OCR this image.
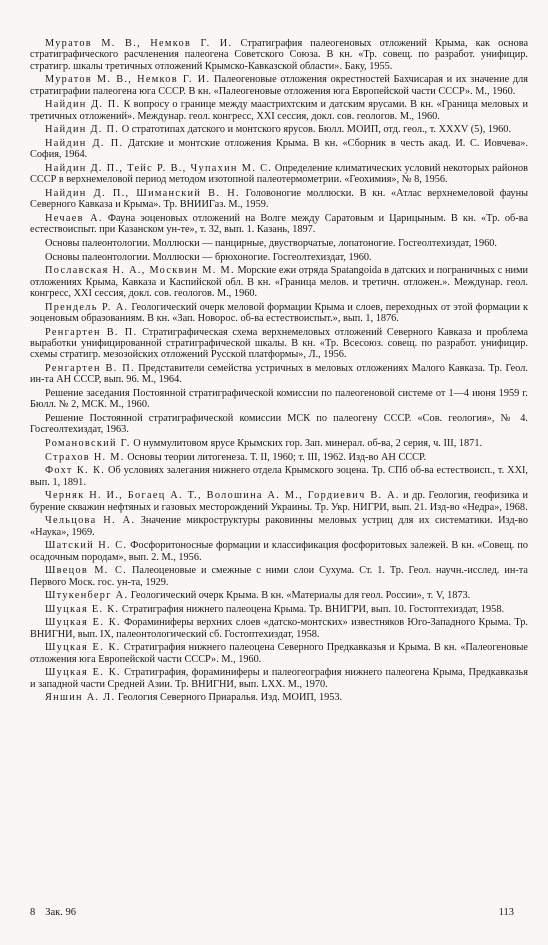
Муратов М. В., Немков Г. И. Стратиграфия палеогеновых отложений Крыма, как основа стратиграфического расчленения палеогена Советского Союза. В кн. «Тр. совещ. по разработ. унифицир. стратигр. шкалы третичных отложений Крымско-Кавказской области». Баку, 1955.

Муратов М. В., Немков Г. И. Палеогеновые отложения окрестностей Бахчисарая и их значение для стратиграфии палеогена юга СССР. В кн. «Палеогеновые отложения юга Европейской части СССР». М., 1960.

Найдин Д. П. К вопросу о границе между маастрихтским и датским ярусами. В кн. «Граница меловых и третичных отложений». Междунар. геол. конгресс, XXI сессия, докл. сов. геологов. М., 1960.

Найдин Д. П. О стратотипах датского и монтского ярусов. Бюлл. МОИП, отд. геол., т. XXXV (5), 1960.

Найдин Д. П. Датские и монтские отложения Крыма. В кн. «Сборник в честь акад. И. С. Иовчева». София, 1964.

Найдин Д. П., Тейс Р. В., Чупахин М. С. Определение климатических условий некоторых районов СССР в верхнемеловой период методом изотопной палеотермометрии. «Геохимия», № 8, 1956.

Найдин Д. П., Шиманский В. Н. Головоногие моллюски. В кн. «Атлас верхнемеловой фауны Северного Кавказа и Крыма». Тр. ВНИИГаз. М., 1959.

Нечаев А. Фауна эоценовых отложений на Волге между Саратовым и Царицыным. В кн. «Тр. об-ва естествоиспыт. при Казанском ун-те», т. 32, вып. 1. Казань, 1897.

Основы палеонтологии. Моллюски — панцирные, двустворчатые, лопатоногие. Госгеолтехиздат, 1960.

Основы палеонтологии. Моллюски — брюхоногие. Госгеолтехиздат, 1960.

Пославская Н. А., Москвин М. М. Морские ежи отряда Spatangoida в датских и пограничных с ними отложениях Крыма, Кавказа и Каспийской обл. В кн. «Граница мелов. и третичн. отложен.». Междунар. геол. конгресс, XXI сессия, докл. сов. геологов. М., 1960.

Прендель Р. А. Геологический очерк меловой формации Крыма и слоев, переходных от этой формации к эоценовым образованиям. В кн. «Зап. Новорос. об-ва естествоиспыт.», вып. 1, 1876.

Ренгартен В. П. Стратиграфическая схема верхнемеловых отложений Северного Кавказа и проблема выработки унифицированной стратиграфической шкалы. В кн. «Тр. Всесоюз. совещ. по разработ. унифицир. схемы стратигр. мезозойских отложений Русской платформы», Л., 1956.

Ренгартен В. П. Представители семейства устричных в меловых отложениях Малого Кавказа. Тр. Геол. ин-та АН СССР, вып. 96. М., 1964.

Решение заседания Постоянной стратиграфической комиссии по палеогеновой системе от 1—4 июня 1959 г. Бюлл. № 2, МСК. М., 1960.

Решение Постоянной стратиграфической комиссии МСК по палеогену СССР. «Сов. геология», № 4. Госгеолтехиздат, 1963.

Романовский Г. О нуммулитовом ярусе Крымских гор. Зап. минерал. об-ва, 2 серия, ч. III, 1871.

Страхов Н. М. Основы теории литогенеза. Т. II, 1960; т. III, 1962. Изд-во АН СССР.

Фохт К. К. Об условиях залегания нижнего отдела Крымского эоцена. Тр. СПб об-ва естествоисп., т. XXI, вып. 1, 1891.

Черняк Н. И., Богаец А. Т., Волошина А. М., Гордиевич В. А. и др. Геология, геофизика и бурение скважин нефтяных и газовых месторождений Украины. Тр. Укр. НИГРИ, вып. 21. Изд-во «Недра», 1968.

Чельцова Н. А. Значение микроструктуры раковинны меловых устриц для их систематики. Изд-во «Наука», 1969.

Шатский Н. С. Фосфоритоносные формации и классификация фосфоритовых залежей. В кн. «Совещ. по осадочным породам», вып. 2. М., 1956.

Швецов М. С. Палеоценовые и смежные с ними слои Сухума. Ст. 1. Тр. Геол. научн.-исслед. ин-та Первого Моск. гос. ун-та, 1929.

Штукенберг А. Геологический очерк Крыма. В кн. «Материалы для геол. России», т. V, 1873.

Шуцкая Е. К. Стратиграфия нижнего палеоцена Крыма. Тр. ВНИГРИ, вып. 10. Гостоптехиздат, 1958.

Шуцкая Е. К. Фораминиферы верхних слоев «датско-монтских» известняков Юго-Западного Крыма. Тр. ВНИГНИ, вып. IX, палеонтологический сб. Гостоптехиздат, 1958.

Шуцкая Е. К. Стратиграфия нижнего палеоцена Северного Предкавказья и Крыма. В кн. «Палеогеновые отложения юга Европейской части СССР». М., 1960.

Шуцкая Е. К. Стратиграфия, фораминиферы и палеогеография нижнего палеогена Крыма, Предкавказья и западной части Средней Азии. Тр. ВНИГНИ, вып. LXX. М., 1970.

Яншин А. Л. Геология Северного Приаралья. Изд. МОИП, 1953.

8 Зак. 96	113
